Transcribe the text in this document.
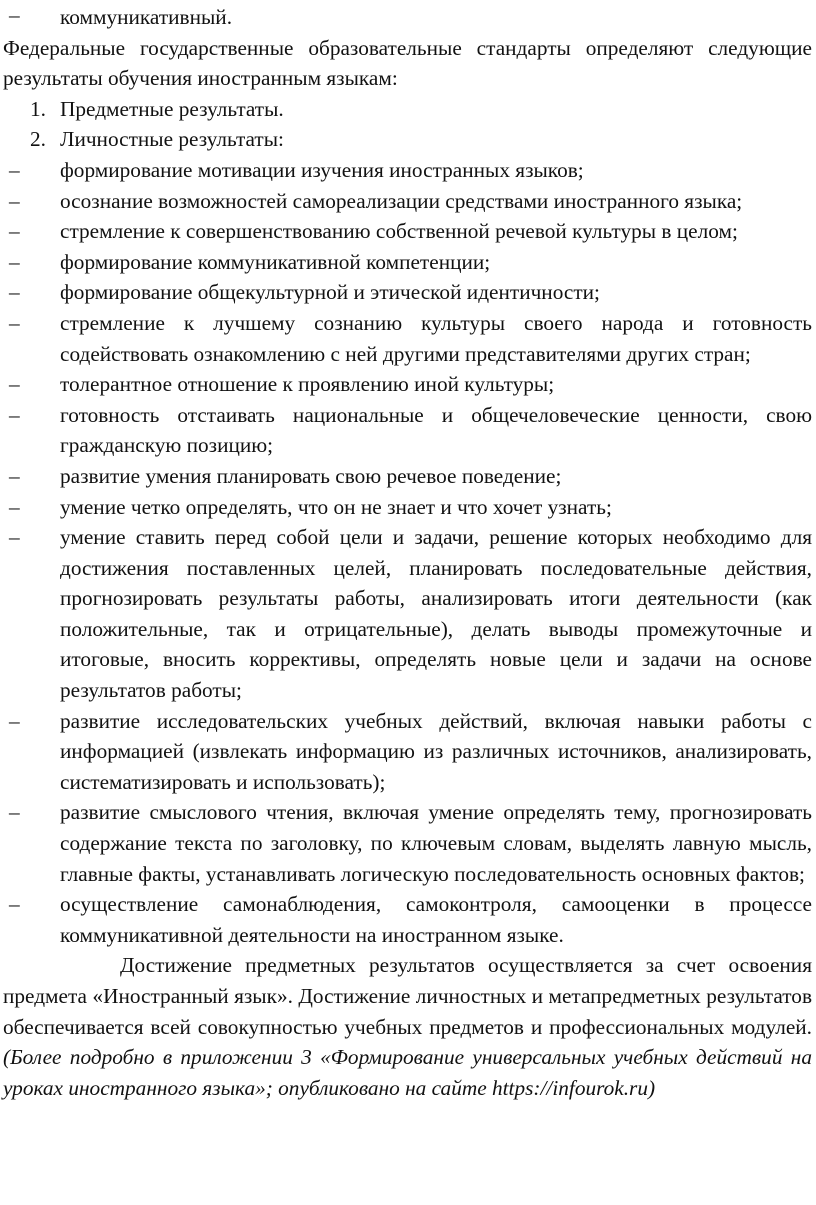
– коммуникативный.
Федеральные государственные образовательные стандарты определяют следующие результаты обучения иностранным языкам:
1. Предметные результаты.
2. Личностные результаты:
– формирование мотивации изучения иностранных языков;
– осознание возможностей самореализации средствами иностранного языка;
– стремление к совершенствованию собственной речевой культуры в целом;
– формирование коммуникативной компетенции;
– формирование общекультурной и этической идентичности;
– стремление к лучшему сознанию культуры своего народа и готовность содействовать ознакомлению с ней другими представителями других стран;
– толерантное отношение к проявлению иной культуры;
– готовность отстаивать национальные и общечеловеческие ценности, свою гражданскую позицию;
– развитие умения планировать свою речевое поведение;
– умение четко определять, что он не знает и что хочет узнать;
– умение ставить перед собой цели и задачи, решение которых необходимо для достижения поставленных целей, планировать последовательные действия, прогнозировать результаты работы, анализировать итоги деятельности (как положительные, так и отрицательные), делать выводы промежуточные и итоговые, вносить коррективы, определять новые цели и задачи на основе результатов работы;
– развитие исследовательских учебных действий, включая навыки работы с информацией (извлекать информацию из различных источников, анализировать, систематизировать и использовать);
– развитие смыслового чтения, включая умение определять тему, прогнозировать содержание текста по заголовку, по ключевым словам, выделять лавную мысль, главные факты, устанавливать логическую последовательность основных фактов;
– осуществление самонаблюдения, самоконтроля, самооценки в процессе коммуникативной деятельности на иностранном языке.
Достижение предметных результатов осуществляется за счет освоения предмета «Иностранный язык». Достижение личностных и метапредметных результатов обеспечивается всей совокупностью учебных предметов и профессиональных модулей. (Более подробно в приложении 3 «Формирование универсальных учебных действий на уроках иностранного языка»; опубликовано на сайте https://infourok.ru)
